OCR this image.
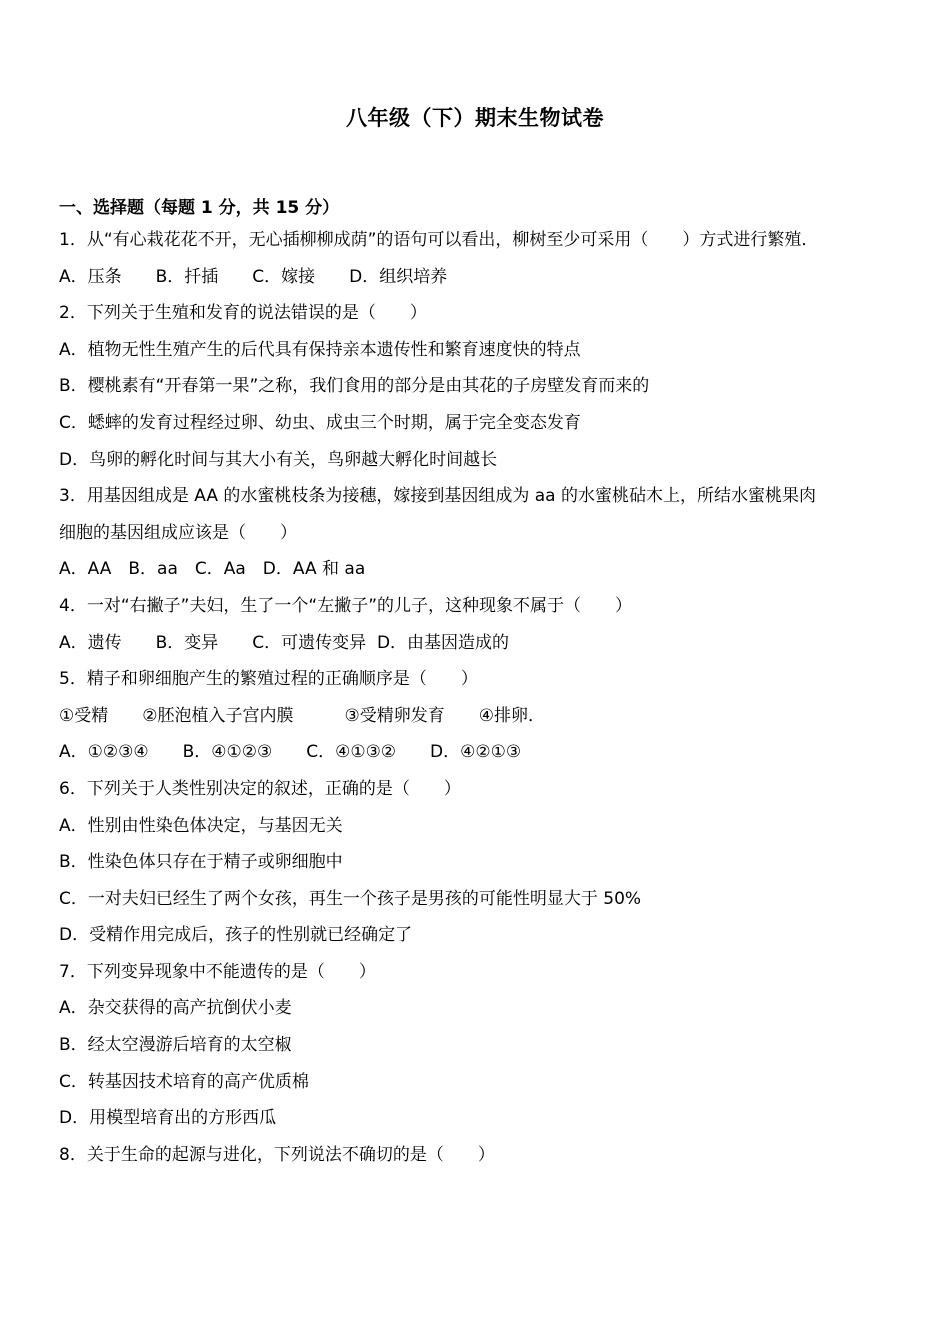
八年级（下）期末生物试卷
一、选择题（每题 1 分，共 15 分）
1．从“有心栽花花不开，无心插柳柳成荫”的语句可以看出，柳树至少可采用（　　）方式进行繁殖．
A．压条　　B．扦插　　C．嫁接　　D．组织培养
2．下列关于生殖和发育的说法错误的是（　　）
A．植物无性生殖产生的后代具有保持亲本遗传性和繁育速度快的特点
B．樱桃素有“开春第一果”之称，我们食用的部分是由其花的子房壁发育而来的
C．蟋蟀的发育过程经过卵、幼虫、成虫三个时期，属于完全变态发育
D．鸟卵的孵化时间与其大小有关，鸟卵越大孵化时间越长
3．用基因组成是 AA 的水蜜桃枝条为接穗，嫁接到基因组成为 aa 的水蜜桃砧木上，所结水蜜桃果肉
细胞的基因组成应该是（　　）
A．AA　B．aa　C．Aa　D．AA 和 aa
4．一对“右撇子”夫妇，生了一个“左撇子”的儿子，这种现象不属于（　　）
A．遗传　　B．变异　　C．可遗传变异  D．由基因造成的
5．精子和卵细胞产生的繁殖过程的正确顺序是（　　）
①受精　　②胚泡植入子宫内膜　　　③受精卵发育　　④排卵．
A．①②③④　　B．④①②③　　C．④①③②　　D．④②①③
6．下列关于人类性别决定的叙述，正确的是（　　）
A．性别由性染色体决定，与基因无关
B．性染色体只存在于精子或卵细胞中
C．一对夫妇已经生了两个女孩，再生一个孩子是男孩的可能性明显大于 50%
D．受精作用完成后，孩子的性别就已经确定了
7．下列变异现象中不能遗传的是（　　）
A．杂交获得的高产抗倒伏小麦
B．经太空漫游后培育的太空椒
C．转基因技术培育的高产优质棉
D．用模型培育出的方形西瓜
8．关于生命的起源与进化，下列说法不确切的是（　　）
